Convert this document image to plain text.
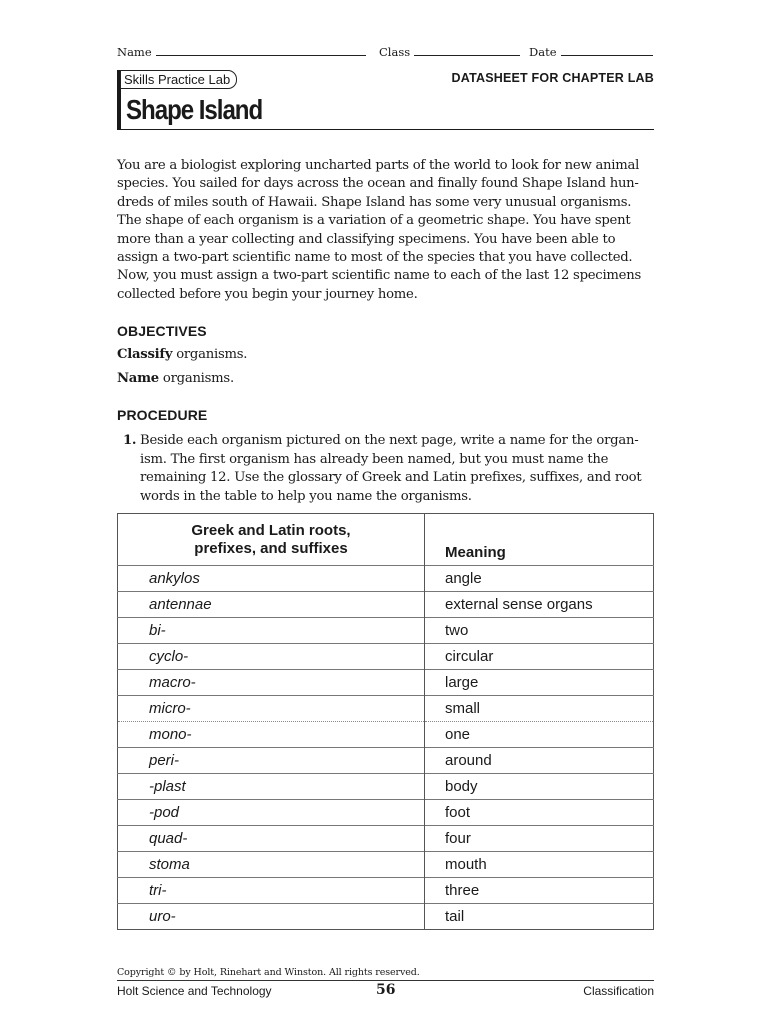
Name	Class	Date
Skills Practice Lab	DATASHEET FOR CHAPTER LAB
Shape Island
You are a biologist exploring uncharted parts of the world to look for new animal
species. You sailed for days across the ocean and finally found Shape Island hun-
dreds of miles south of Hawaii. Shape Island has some very unusual organisms.
The shape of each organism is a variation of a geometric shape. You have spent
more than a year collecting and classifying specimens. You have been able to
assign a two-part scientific name to most of the species that you have collected.
Now, you must assign a two-part scientific name to each of the last 12 specimens
collected before you begin your journey home.
OBJECTIVES
Classify organisms.
Name organisms.
PROCEDURE
1. Beside each organism pictured on the next page, write a name for the organ-
ism. The first organism has already been named, but you must name the
remaining 12. Use the glossary of Greek and Latin prefixes, suffixes, and root
words in the table to help you name the organisms.
Greek and Latin roots,
prefixes, and suffixes	Meaning
ankylos	angle
antennae	external sense organs
bi-	two
cyclo-	circular
macro-	large
micro-	small
mono-	one
peri-	around
-plast	body
-pod	foot
quad-	four
stoma	mouth
tri-	three
uro-	tail
Copyright © by Holt, Rinehart and Winston. All rights reserved.
Holt Science and Technology	56	Classification
